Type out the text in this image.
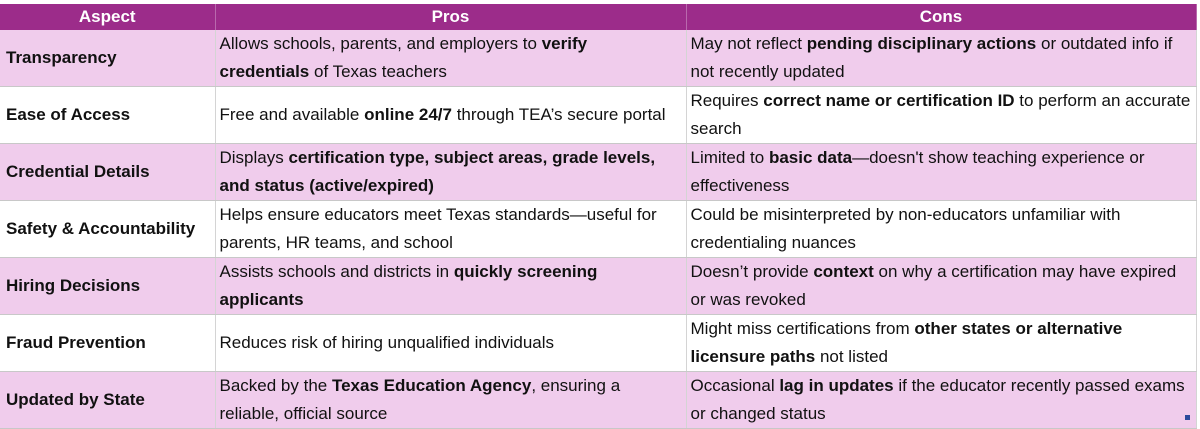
Aspect	Pros	Cons
Transparency	Allows schools, parents, and employers to verify credentials of Texas teachers	May not reflect pending disciplinary actions or outdated info if not recently updated
Ease of Access	Free and available online 24/7 through TEA’s secure portal	Requires correct name or certification ID to perform an accurate search
Credential Details	Displays certification type, subject areas, grade levels, and status (active/expired)	Limited to basic data—doesn't show teaching experience or effectiveness
Safety & Accountability	Helps ensure educators meet Texas standards—useful for parents, HR teams, and school	Could be misinterpreted by non-educators unfamiliar with credentialing nuances
Hiring Decisions	Assists schools and districts in quickly screening applicants	Doesn’t provide context on why a certification may have expired or was revoked
Fraud Prevention	Reduces risk of hiring unqualified individuals	Might miss certifications from other states or alternative licensure paths not listed
Updated by State	Backed by the Texas Education Agency, ensuring a reliable, official source	Occasional lag in updates if the educator recently passed exams or changed status
